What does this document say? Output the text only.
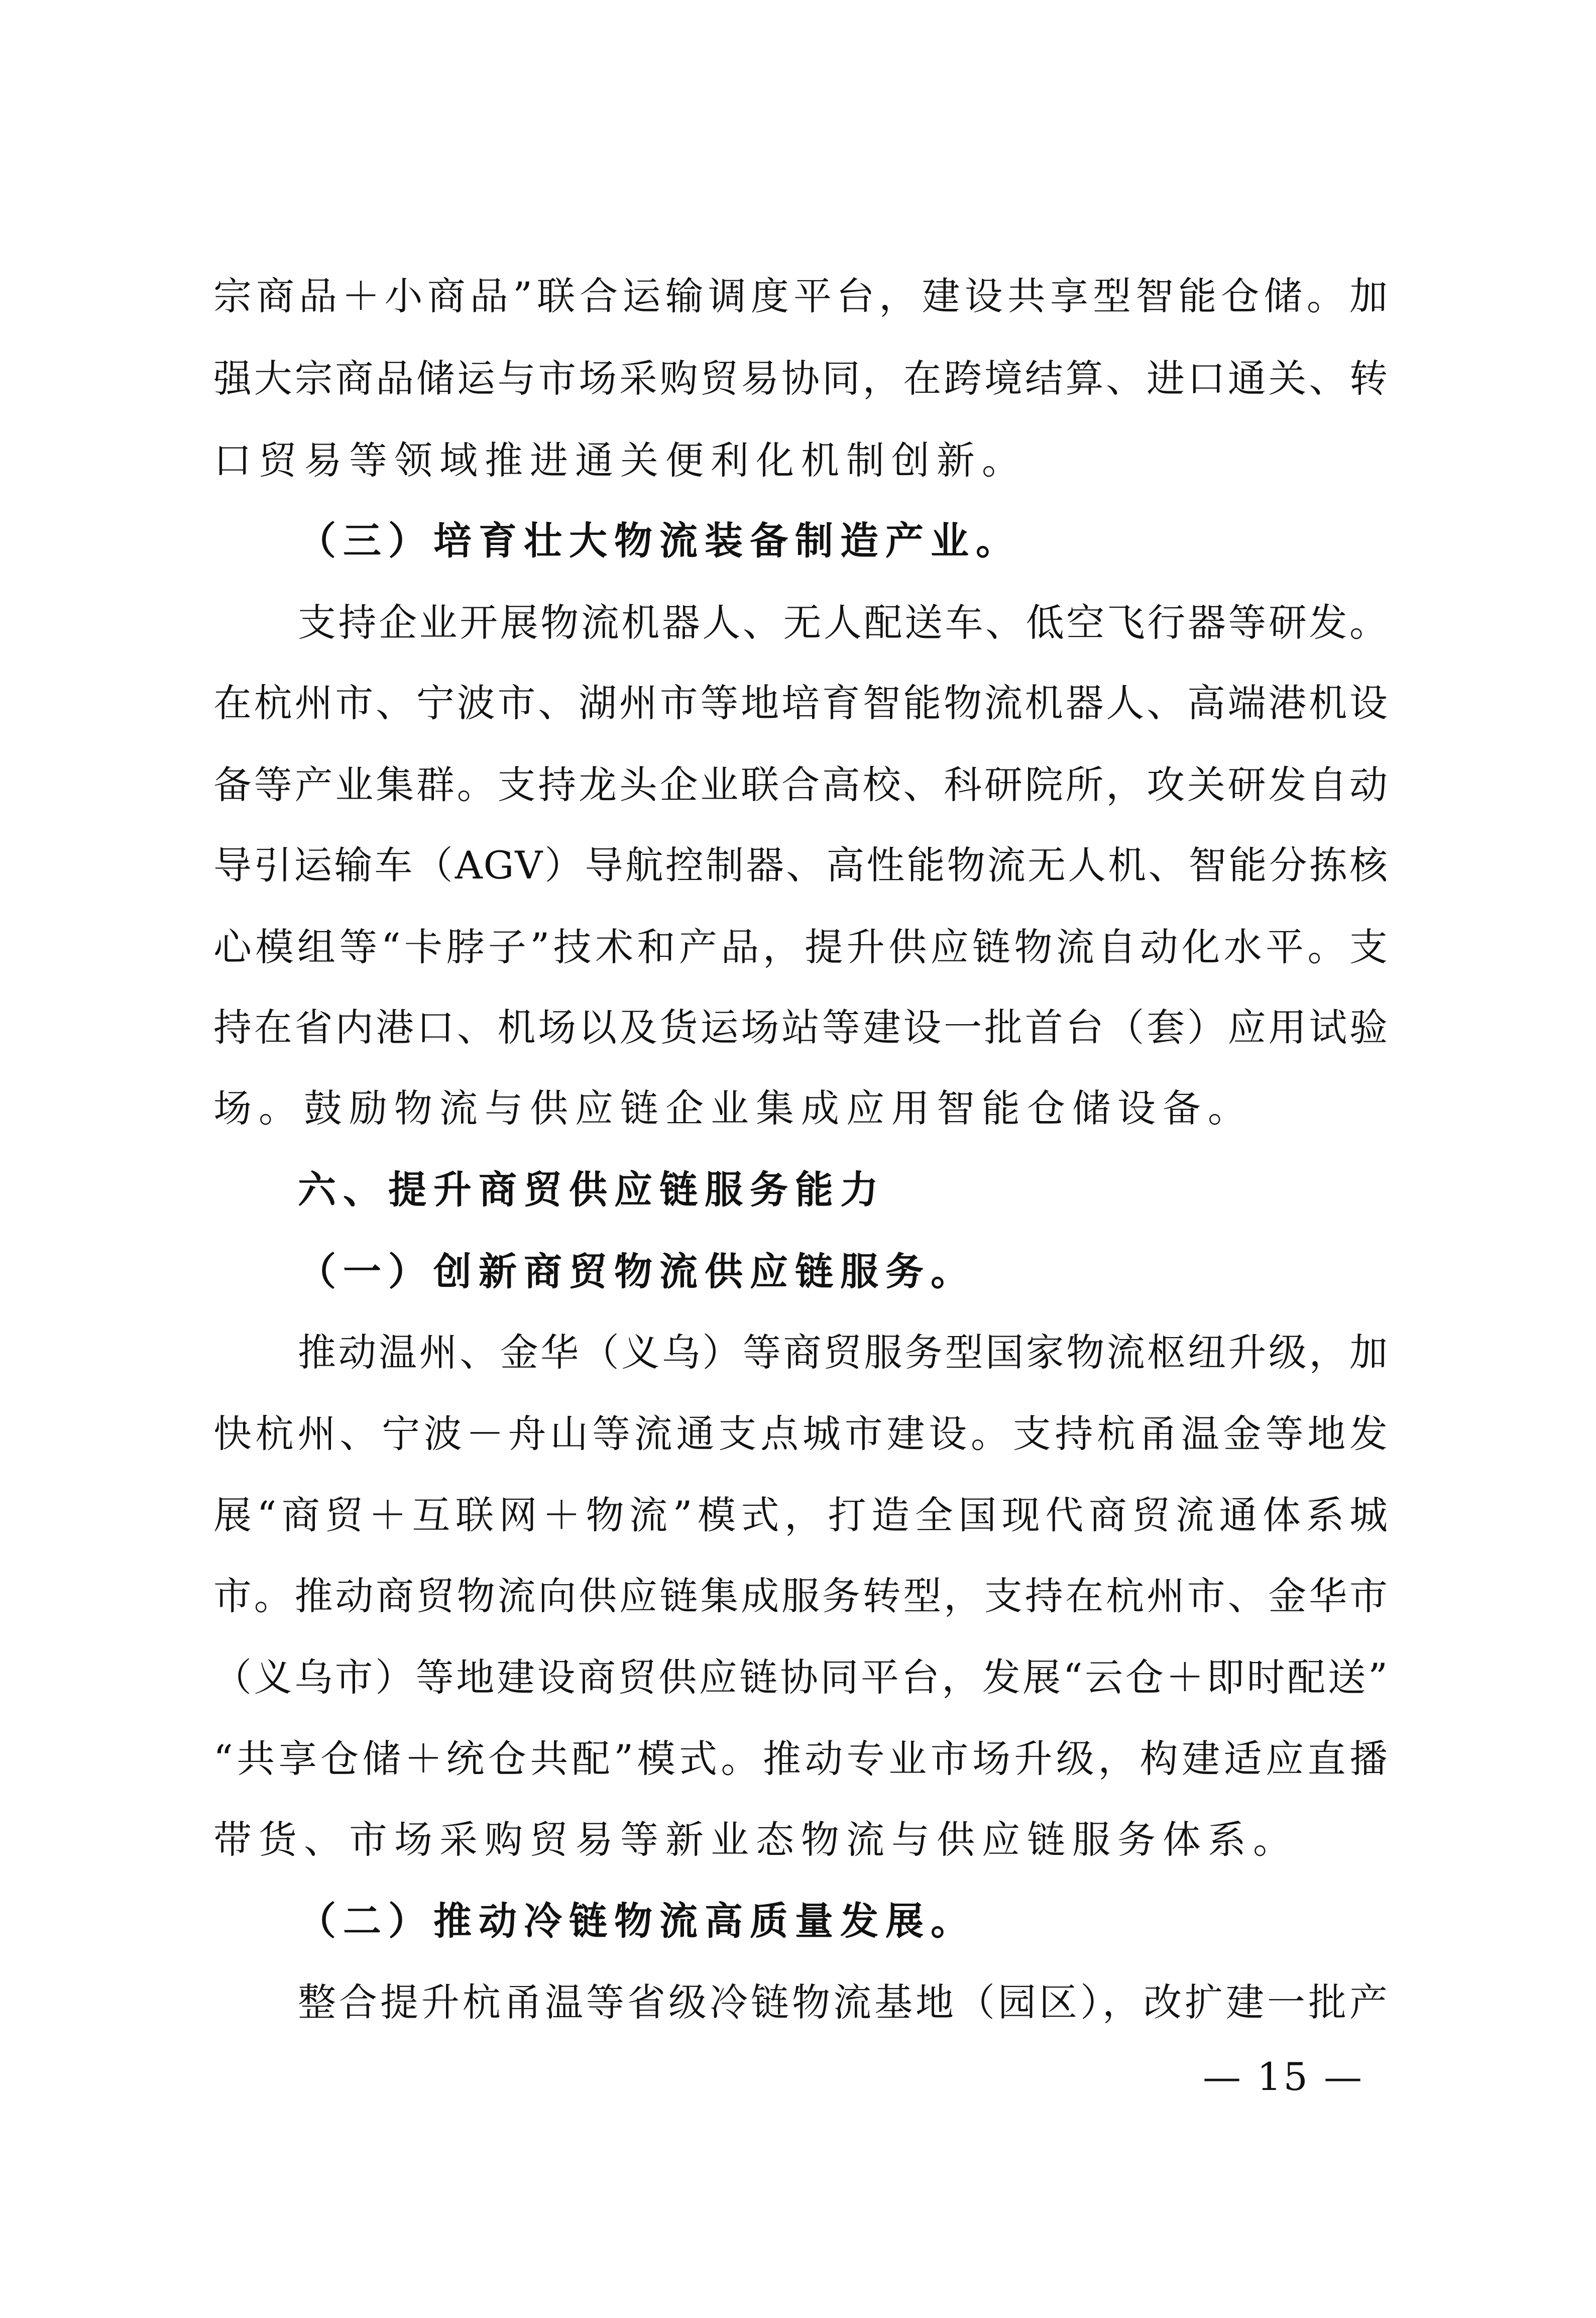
宗商品＋小商品”联合运输调度平台，建设共享型智能仓储。加
强大宗商品储运与市场采购贸易协同，在跨境结算、进口通关、转
口贸易等领域推进通关便利化机制创新。
（三）培育壮大物流装备制造产业。
支持企业开展物流机器人、无人配送车、低空飞行器等研发。
在杭州市、宁波市、湖州市等地培育智能物流机器人、高端港机设
备等产业集群。支持龙头企业联合高校、科研院所，攻关研发自动
导引运输车（AGV）导航控制器、高性能物流无人机、智能分拣核
心模组等“卡脖子”技术和产品，提升供应链物流自动化水平。支
持在省内港口、机场以及货运场站等建设一批首台（套）应用试验
场。鼓励物流与供应链企业集成应用智能仓储设备。
六、提升商贸供应链服务能力
（一）创新商贸物流供应链服务。
推动温州、金华（义乌）等商贸服务型国家物流枢纽升级，加
快杭州、宁波－舟山等流通支点城市建设。支持杭甬温金等地发
展“商贸＋互联网＋物流”模式，打造全国现代商贸流通体系城
市。推动商贸物流向供应链集成服务转型，支持在杭州市、金华市
（义乌市）等地建设商贸供应链协同平台，发展“云仓＋即时配送”
“共享仓储＋统仓共配”模式。推动专业市场升级，构建适应直播
带货、市场采购贸易等新业态物流与供应链服务体系。
（二）推动冷链物流高质量发展。
整合提升杭甬温等省级冷链物流基地（园区），改扩建一批产
— 15 —
